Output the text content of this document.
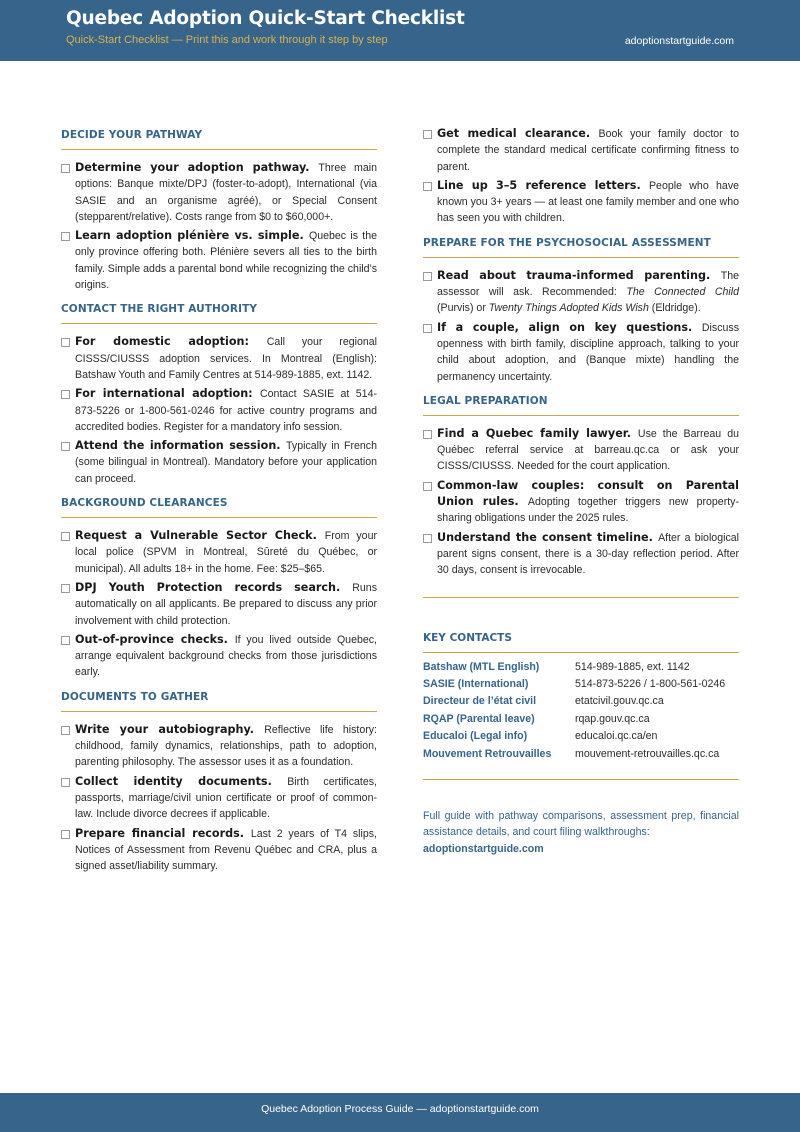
Quebec Adoption Quick-Start Checklist
Quick-Start Checklist — Print this and work through it step by step	adoptionstartguide.com
DECIDE YOUR PATHWAY
Determine your adoption pathway. Three main options: Banque mixte/DPJ (foster-to-adopt), International (via SASIE and an organisme agréé), or Special Consent (stepparent/relative). Costs range from $0 to $60,000+.
Learn adoption plénière vs. simple. Quebec is the only province offering both. Plénière severs all ties to the birth family. Simple adds a parental bond while recognizing the child’s origins.
CONTACT THE RIGHT AUTHORITY
For domestic adoption: Call your regional CISSS/CIUSSS adoption services. In Montreal (English): Batshaw Youth and Family Centres at 514-989-1885, ext. 1142.
For international adoption: Contact SASIE at 514-873-5226 or 1-800-561-0246 for active country programs and accredited bodies. Register for a mandatory info session.
Attend the information session. Typically in French (some bilingual in Montreal). Mandatory before your application can proceed.
BACKGROUND CLEARANCES
Request a Vulnerable Sector Check. From your local police (SPVM in Montreal, Sûreté du Québec, or municipal). All adults 18+ in the home. Fee: $25–$65.
DPJ Youth Protection records search. Runs automatically on all applicants. Be prepared to discuss any prior involvement with child protection.
Out-of-province checks. If you lived outside Quebec, arrange equivalent background checks from those jurisdictions early.
DOCUMENTS TO GATHER
Write your autobiography. Reflective life history: childhood, family dynamics, relationships, path to adoption, parenting philosophy. The assessor uses it as a foundation.
Collect identity documents. Birth certificates, passports, marriage/civil union certificate or proof of common-law. Include divorce decrees if applicable.
Prepare financial records. Last 2 years of T4 slips, Notices of Assessment from Revenu Québec and CRA, plus a signed asset/liability summary.
Get medical clearance. Book your family doctor to complete the standard medical certificate confirming fitness to parent.
Line up 3–5 reference letters. People who have known you 3+ years — at least one family member and one who has seen you with children.
PREPARE FOR THE PSYCHOSOCIAL ASSESSMENT
Read about trauma-informed parenting. The assessor will ask. Recommended: The Connected Child (Purvis) or Twenty Things Adopted Kids Wish (Eldridge).
If a couple, align on key questions. Discuss openness with birth family, discipline approach, talking to your child about adoption, and (Banque mixte) handling the permanency uncertainty.
LEGAL PREPARATION
Find a Quebec family lawyer. Use the Barreau du Québec referral service at barreau.qc.ca or ask your CISSS/CIUSSS. Needed for the court application.
Common-law couples: consult on Parental Union rules. Adopting together triggers new property-sharing obligations under the 2025 rules.
Understand the consent timeline. After a biological parent signs consent, there is a 30-day reflection period. After 30 days, consent is irrevocable.
KEY CONTACTS
Batshaw (MTL English)	514-989-1885, ext. 1142
SASIE (International)	514-873-5226 / 1-800-561-0246
Directeur de l’état civil	etatcivil.gouv.qc.ca
RQAP (Parental leave)	rqap.gouv.qc.ca
Educaloi (Legal info)	educaloi.qc.ca/en
Mouvement Retrouvailles	mouvement-retrouvailles.qc.ca
Full guide with pathway comparisons, assessment prep, financial assistance details, and court filing walkthroughs:
adoptionstartguide.com
Quebec Adoption Process Guide — adoptionstartguide.com
